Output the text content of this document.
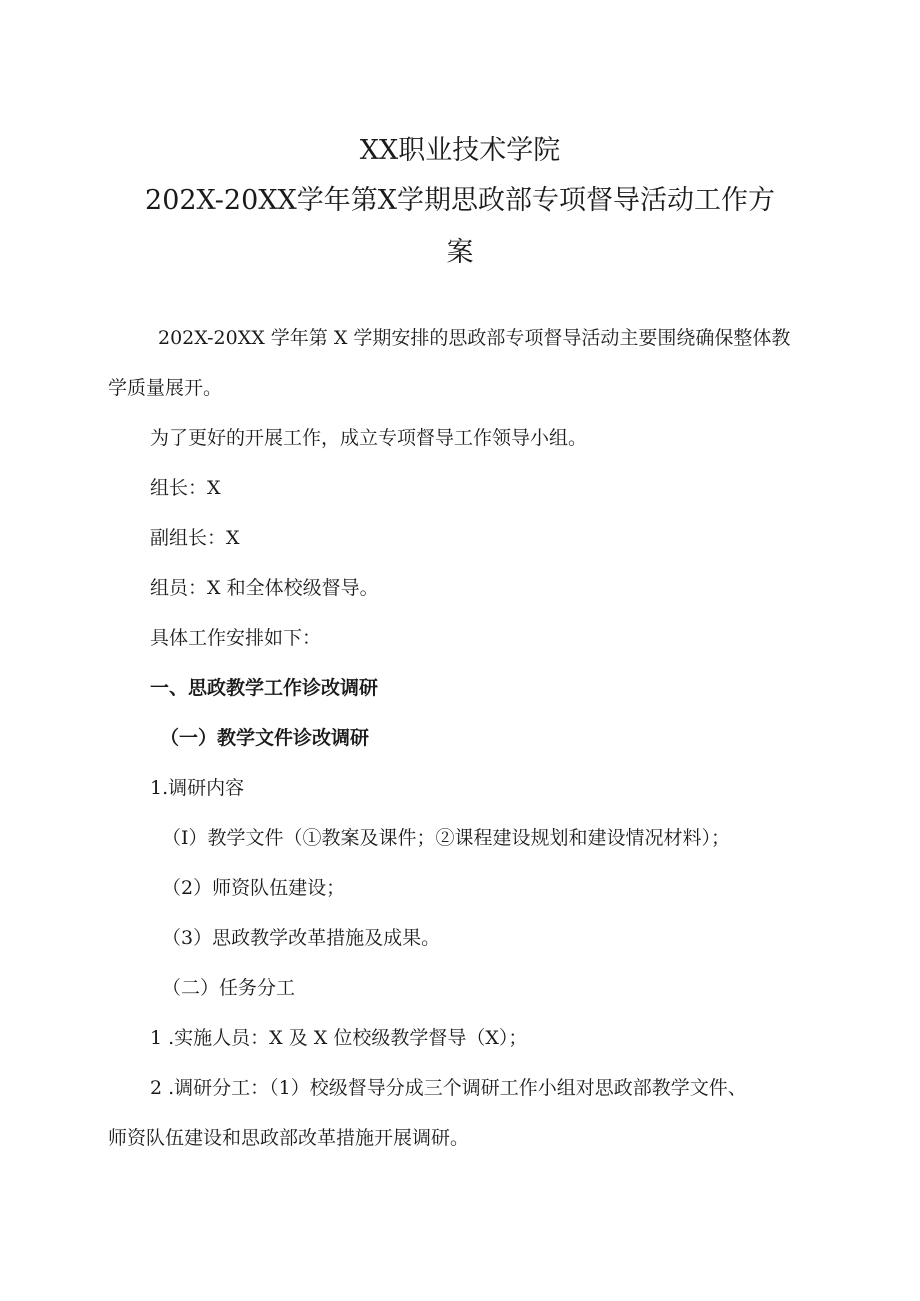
XX职业技术学院
202X-20XX学年第X学期思政部专项督导活动工作方
案
202X-20XX 学年第 X 学期安排的思政部专项督导活动主要围绕确保整体教
学质量展开。
为了更好的开展工作，成立专项督导工作领导小组。
组长：X
副组长：X
组员：X 和全体校级督导。
具体工作安排如下：
一、思政教学工作诊改调研
（一）教学文件诊改调研
1.调研内容
（I）教学文件（①教案及课件；②课程建设规划和建设情况材料）；
（2）师资队伍建设；
（3）思政教学改革措施及成果。
（二）任务分工
1 .实施人员：X 及 X 位校级教学督导（X）；
2 .调研分工：（1）校级督导分成三个调研工作小组对思政部教学文件、
师资队伍建设和思政部改革措施开展调研。
